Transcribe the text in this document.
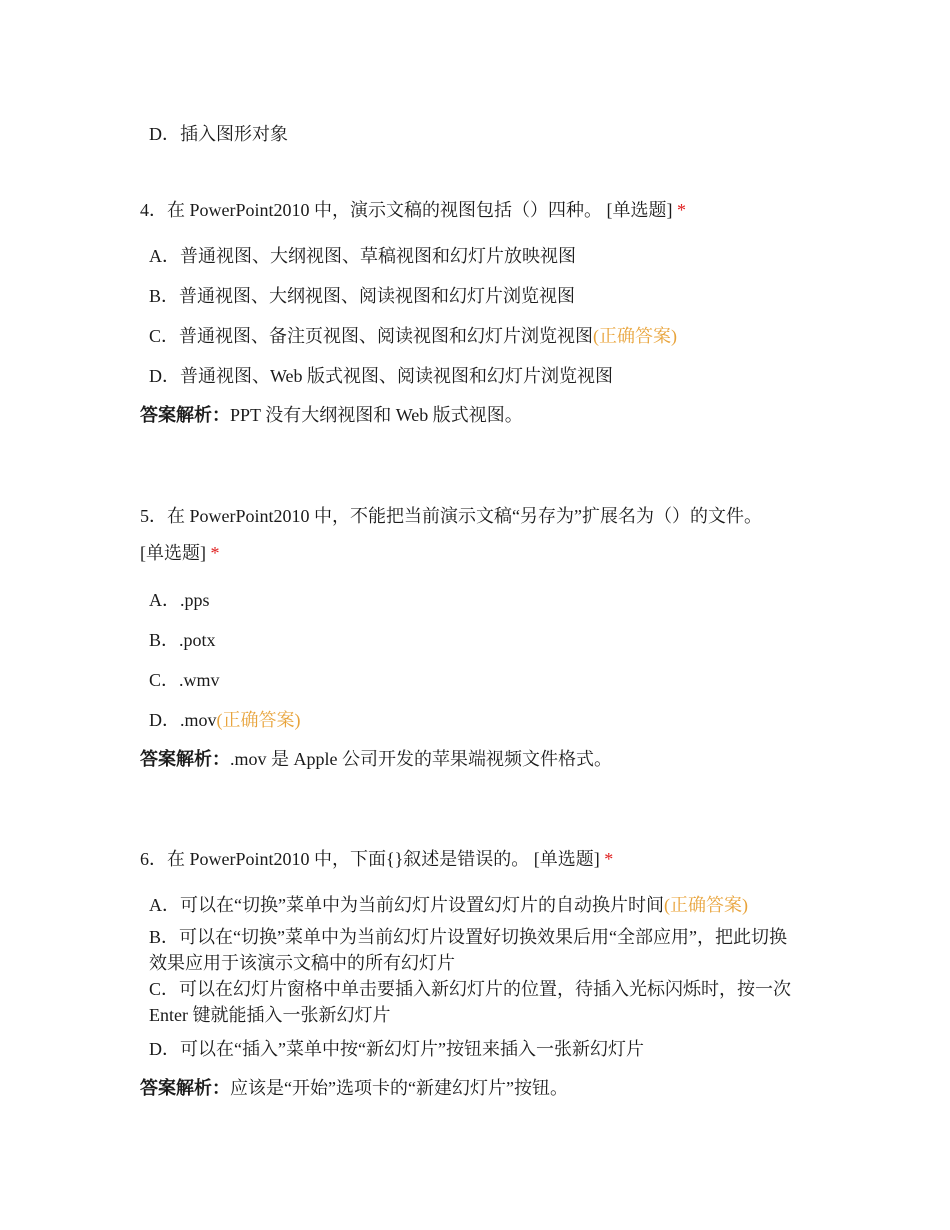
D．插入图形对象
4．在 PowerPoint2010 中，演示文稿的视图包括（）四种。 [单选题] *
A．普通视图、大纲视图、草稿视图和幻灯片放映视图
B．普通视图、大纲视图、阅读视图和幻灯片浏览视图
C．普通视图、备注页视图、阅读视图和幻灯片浏览视图(正确答案)
D．普通视图、Web 版式视图、阅读视图和幻灯片浏览视图
答案解析：PPT 没有大纲视图和 Web 版式视图。
5．在 PowerPoint2010 中，不能把当前演示文稿“另存为”扩展名为（）的文件。
[单选题] *
A．.pps
B．.potx
C．.wmv
D．.mov(正确答案)
答案解析：.mov 是 Apple 公司开发的苹果端视频文件格式。
6．在 PowerPoint2010 中，下面{}叙述是错误的。 [单选题] *
A．可以在“切换”菜单中为当前幻灯片设置幻灯片的自动换片时间(正确答案)
B．可以在“切换”菜单中为当前幻灯片设置好切换效果后用“全部应用”，把此切换效果应用于该演示文稿中的所有幻灯片
C．可以在幻灯片窗格中单击要插入新幻灯片的位置，待插入光标闪烁时，按一次 Enter 键就能插入一张新幻灯片
D．可以在“插入”菜单中按“新幻灯片”按钮来插入一张新幻灯片
答案解析：应该是“开始”选项卡的“新建幻灯片”按钮。
